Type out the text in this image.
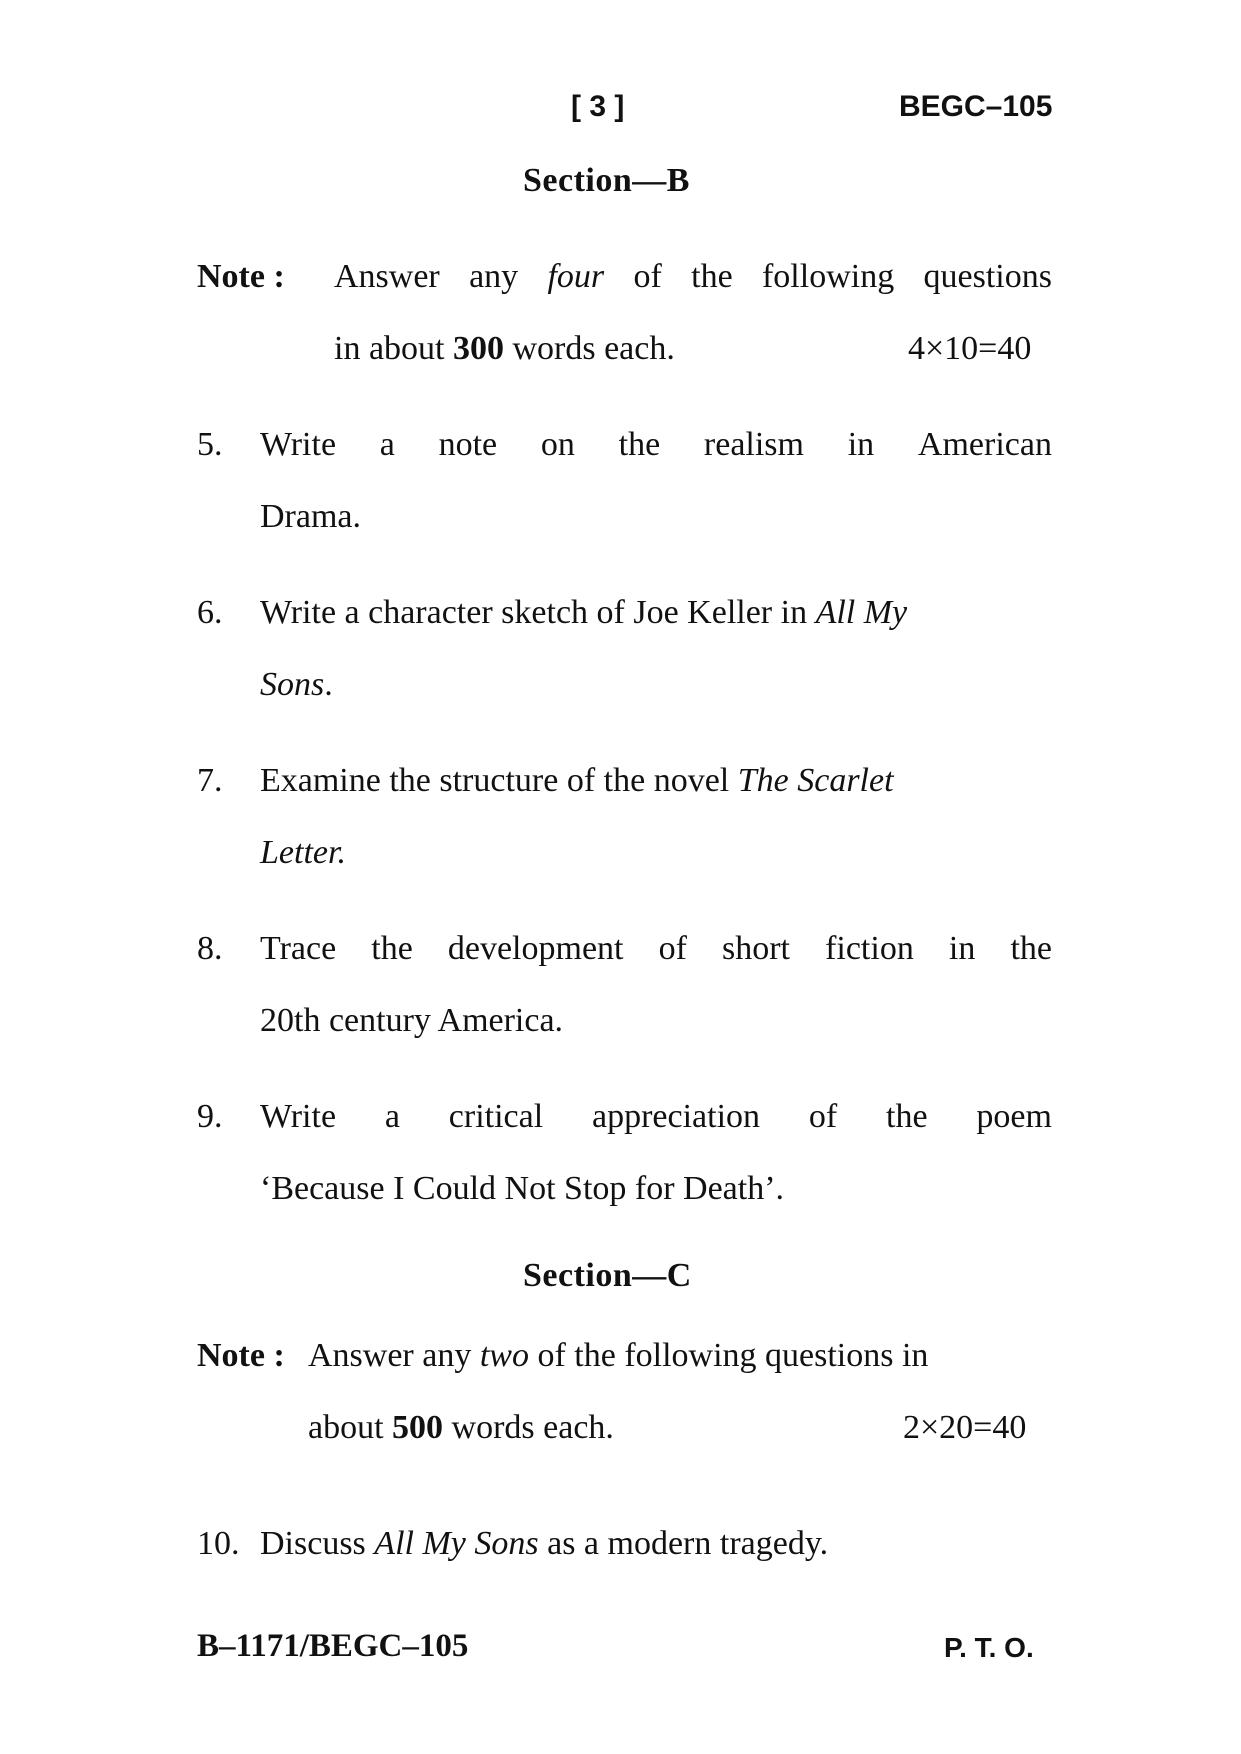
[ 3 ]	BEGC–105
Section—B
Note : Answer any four of the following questions
in about 300 words each.	4×10=40
5. Write a note on the realism in American
Drama.
6. Write a character sketch of Joe Keller in All My
Sons.
7. Examine the structure of the novel The Scarlet
Letter.
8. Trace the development of short fiction in the
20th century America.
9. Write a critical appreciation of the poem
‘Because I Could Not Stop for Death’.
Section—C
Note : Answer any two of the following questions in
about 500 words each.	2×20=40
10. Discuss All My Sons as a modern tragedy.
B–1171/BEGC–105	P. T. O.
